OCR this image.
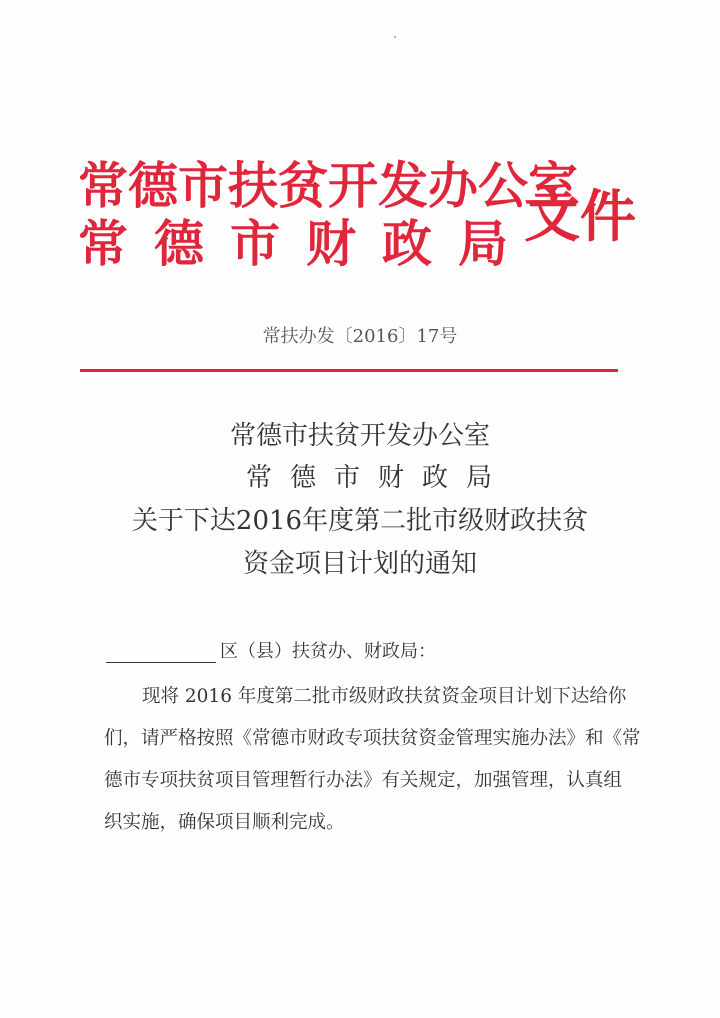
常德市扶贫开发办公室
常德市财政局
文件
常扶办发〔2016〕17号
常德市扶贫开发办公室
常德市财政局
关于下达2016年度第二批市级财政扶贫
资金项目计划的通知
区（县）扶贫办、财政局：
现将 2016 年度第二批市级财政扶贫资金项目计划下达给你
们，请严格按照《常德市财政专项扶贫资金管理实施办法》和《常
德市专项扶贫项目管理暂行办法》有关规定，加强管理，认真组
织实施，确保项目顺利完成。
